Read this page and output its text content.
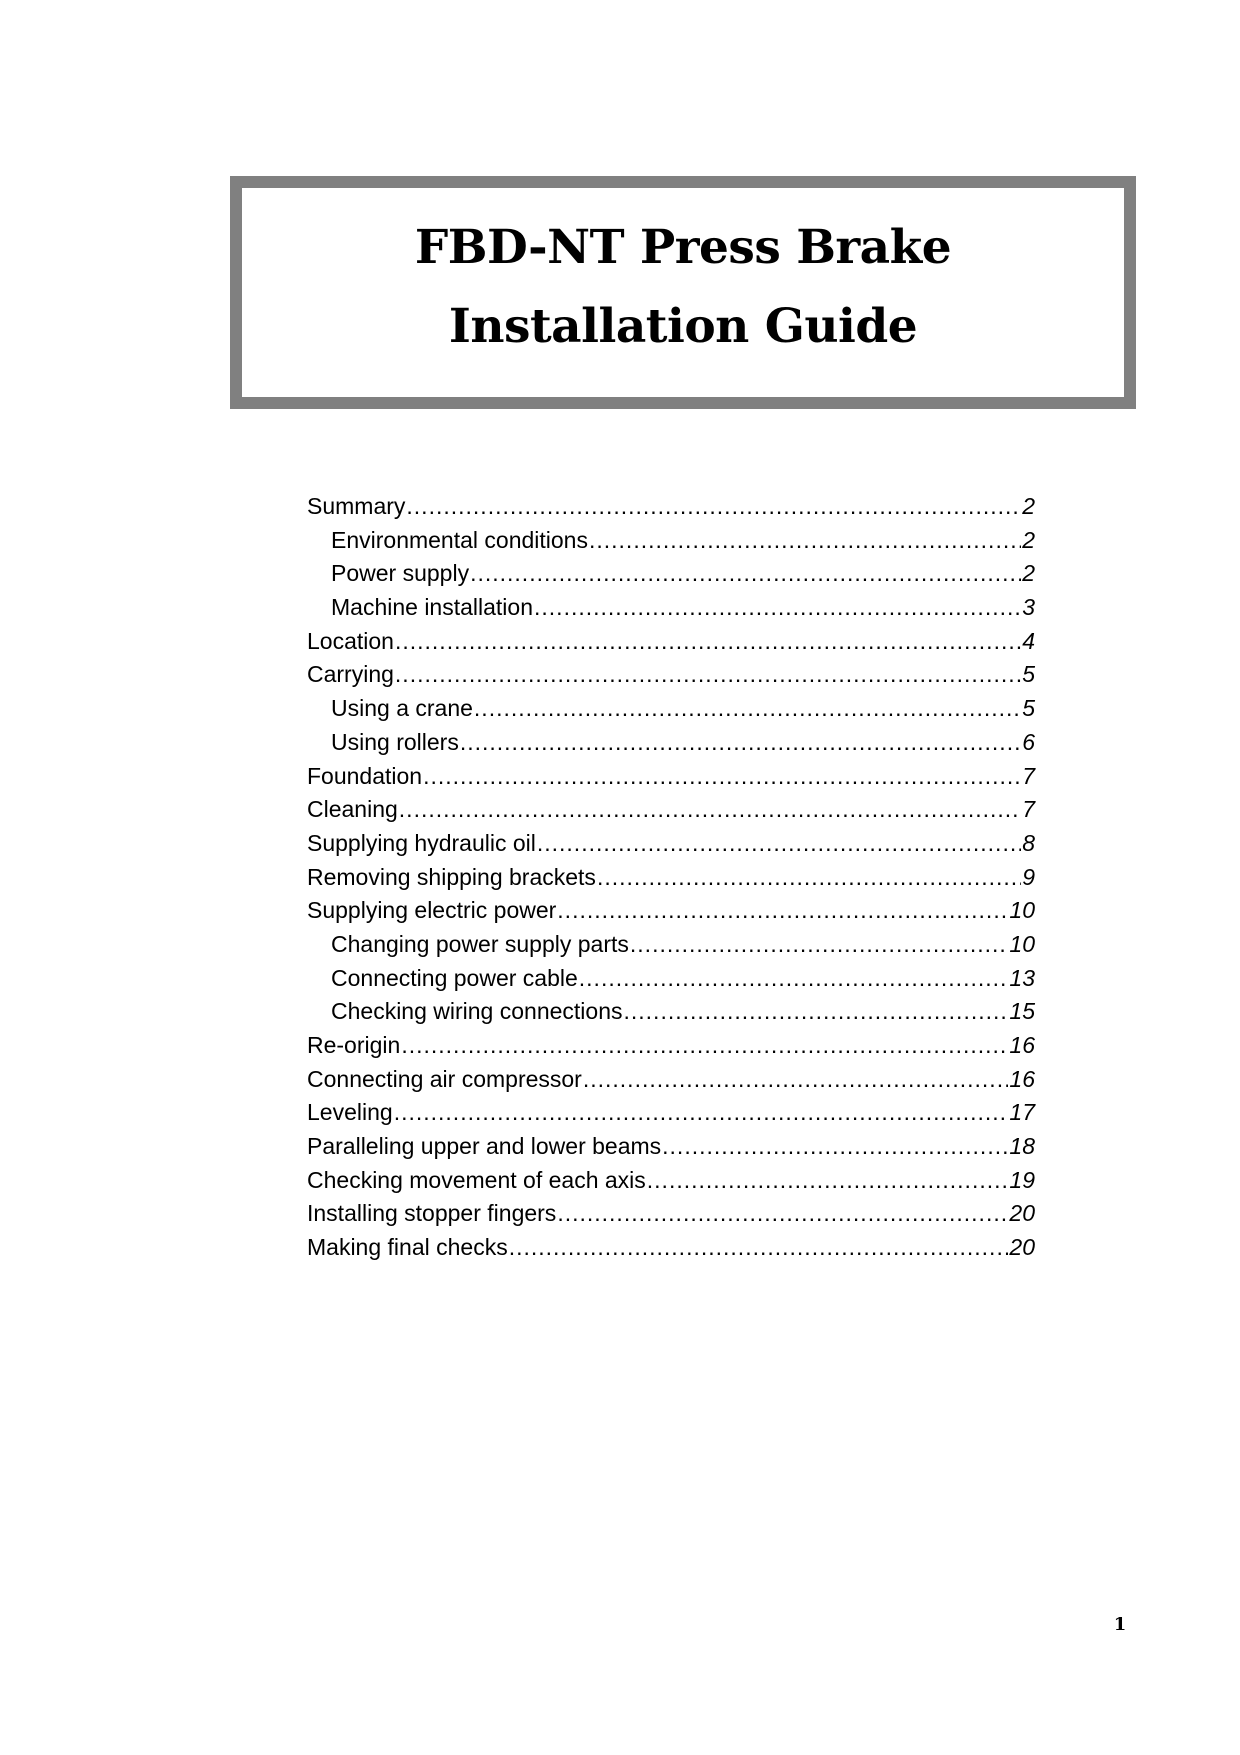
FBD-NT Press Brake
Installation Guide
Summary .....	2
Environmental conditions .....	2
Power supply .....	2
Machine installation .....	3
Location .....	4
Carrying .....	5
Using a crane .....	5
Using rollers .....	6
Foundation .....	7
Cleaning .....	7
Supplying hydraulic oil .....	8
Removing shipping brackets .....	9
Supplying electric power .....	10
Changing power supply parts .....	10
Connecting power cable .....	13
Checking wiring connections .....	15
Re-origin .....	16
Connecting air compressor .....	16
Leveling .....	17
Paralleling upper and lower beams .....	18
Checking movement of each axis .....	19
Installing stopper fingers .....	20
Making final checks .....	20
1
